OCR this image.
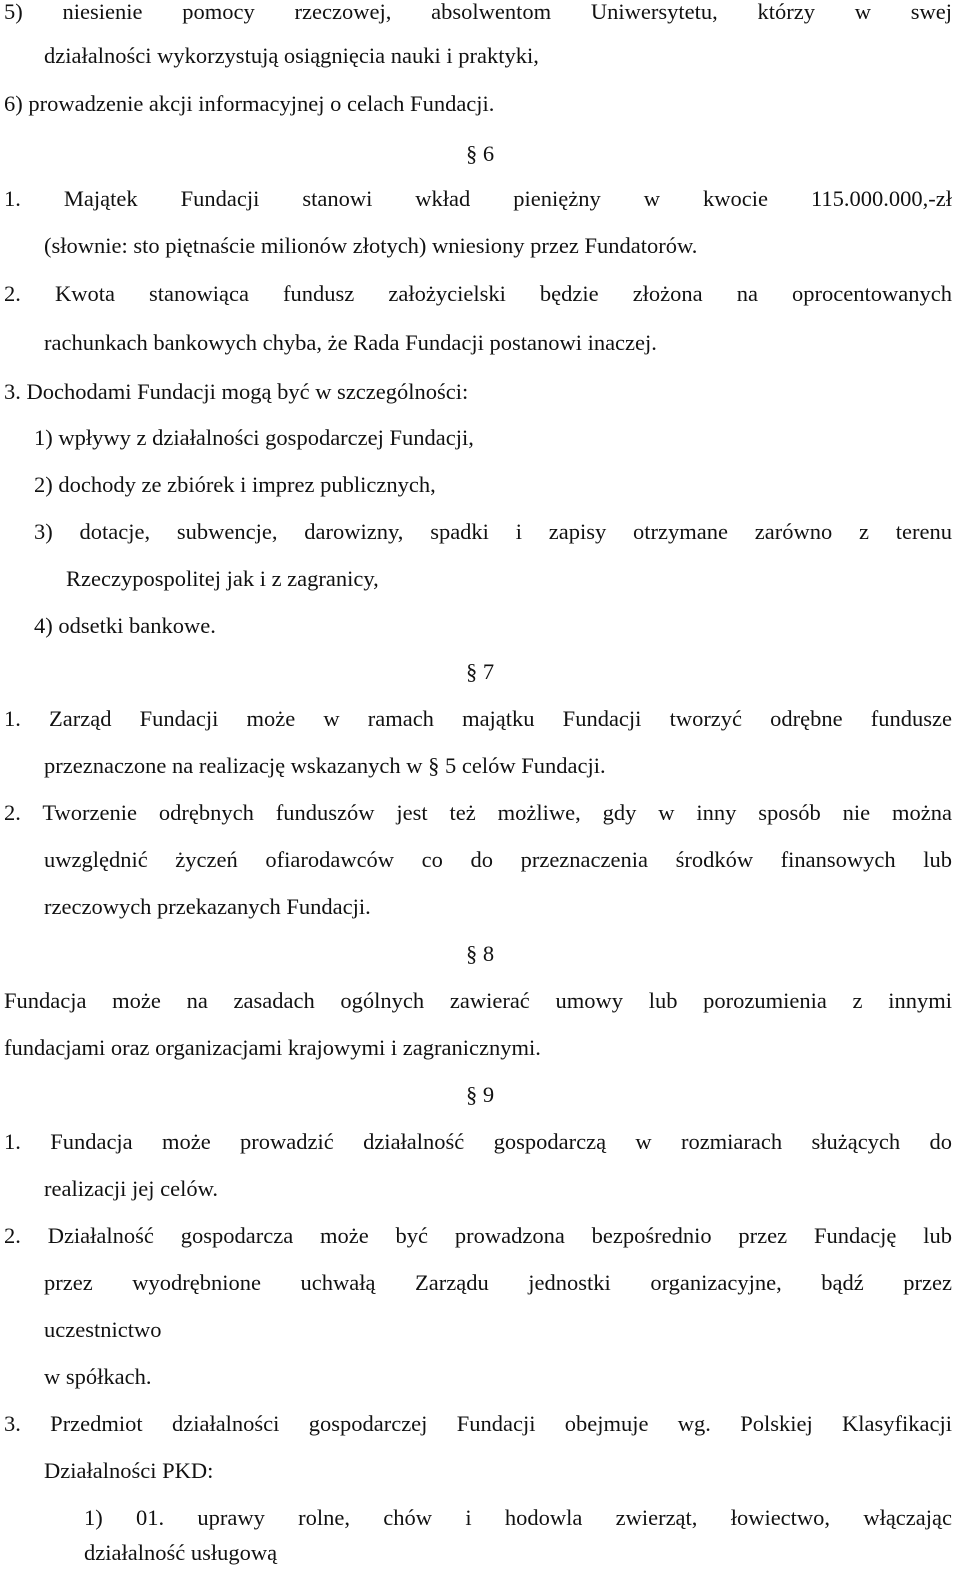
5) niesienie pomocy rzeczowej, absolwentom Uniwersytetu, którzy w swej

działalności wykorzystują osiągnięcia nauki i praktyki,

6) prowadzenie akcji informacyjnej o celach Fundacji.

§ 6

1. Majątek Fundacji stanowi wkład pieniężny w kwocie 115.000.000,-zł

(słownie: sto piętnaście milionów złotych) wniesiony przez Fundatorów.

2. Kwota stanowiąca fundusz założycielski będzie złożona na oprocentowanych

rachunkach bankowych chyba, że Rada Fundacji postanowi inaczej.

3. Dochodami Fundacji mogą być w szczególności:

1) wpływy z działalności gospodarczej Fundacji,

2) dochody ze zbiórek i imprez publicznych,

3) dotacje, subwencje, darowizny, spadki i zapisy otrzymane zarówno z terenu

Rzeczypospolitej jak i z zagranicy,

4) odsetki bankowe.

§ 7

1. Zarząd Fundacji może w ramach majątku Fundacji tworzyć odrębne fundusze

przeznaczone na realizację wskazanych w § 5 celów Fundacji.

2. Tworzenie odrębnych funduszów jest też możliwe, gdy w inny sposób nie można

uwzględnić życzeń ofiarodawców co do przeznaczenia środków finansowych lub

rzeczowych przekazanych Fundacji.

§ 8

Fundacja może na zasadach ogólnych zawierać umowy lub porozumienia z innymi

fundacjami oraz organizacjami krajowymi i zagranicznymi.

§ 9

1. Fundacja może prowadzić działalność gospodarczą w rozmiarach służących do

realizacji jej celów.

2. Działalność gospodarcza może być prowadzona bezpośrednio przez Fundację lub

przez wyodrębnione uchwałą Zarządu jednostki organizacyjne, bądź przez

uczestnictwo

w spółkach.

3. Przedmiot działalności gospodarczej Fundacji obejmuje wg. Polskiej Klasyfikacji

Działalności PKD:

1) 01. uprawy rolne, chów i hodowla zwierząt, łowiectwo, włączając

działalność usługową
